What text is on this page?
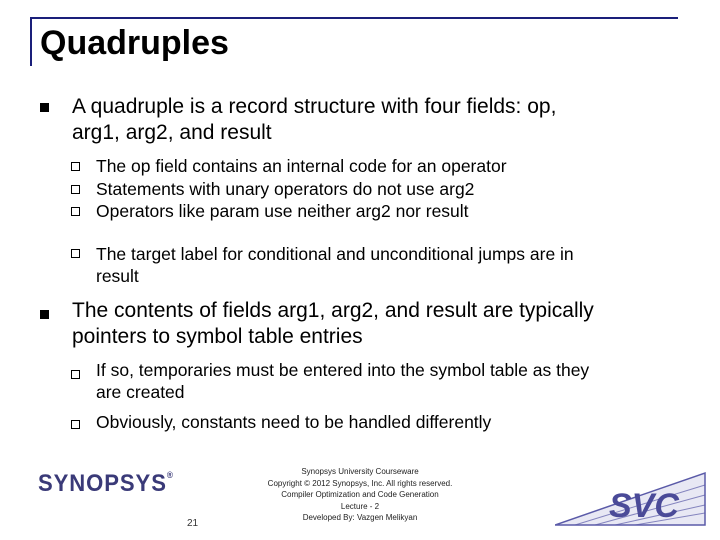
Quadruples
A quadruple is a record structure with four fields: op,
arg1, arg2, and result
The op field contains an internal code for an operator
Statements with unary operators do not use arg2
Operators like param use neither arg2 nor result
The target label for conditional and unconditional jumps are in
result
The contents of fields arg1, arg2, and result are typically
pointers to symbol table entries
If so, temporaries must be entered into the symbol table as they
are created
Obviously, constants need to be handled differently
SYNOPSYS®
21
Synopsys University Courseware
Copyright © 2012 Synopsys, Inc. All rights reserved.
Compiler Optimization and Code Generation
Lecture - 2
Developed By: Vazgen Melikyan	SVC
